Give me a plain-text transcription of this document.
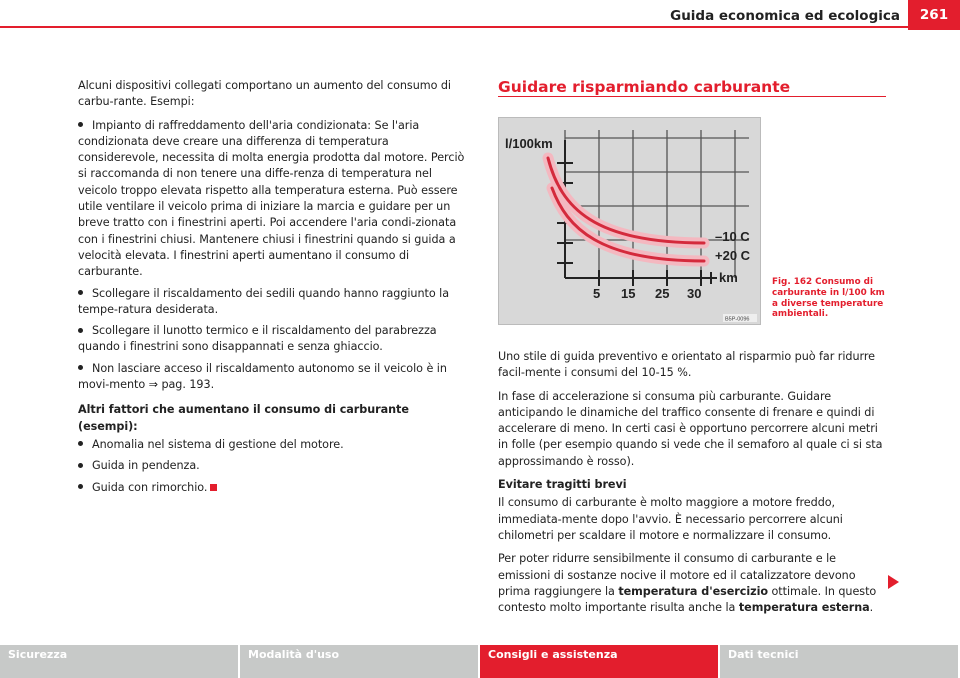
Guida economica ed ecologica	261

Alcuni dispositivi collegati comportano un aumento del consumo di carbu-rante. Esempi:

Impianto di raffreddamento dell'aria condizionata: Se l'aria condizionata deve creare una differenza di temperatura considerevole, necessita di molta energia prodotta dal motore. Perciò si raccomanda di non tenere una diffe-renza di temperatura nel veicolo troppo elevata rispetto alla temperatura esterna. Può essere utile ventilare il veicolo prima di iniziare la marcia e guidare per un breve tratto con i finestrini aperti. Poi accendere l'aria condi-zionata con i finestrini chiusi. Mantenere chiusi i finestrini quando si guida a velocità elevata. I finestrini aperti aumentano il consumo di carburante.

Scollegare il riscaldamento dei sedili quando hanno raggiunto la tempe-ratura desiderata.

Scollegare il lunotto termico e il riscaldamento del parabrezza quando i finestrini sono disappannati e senza ghiaccio.

Non lasciare acceso il riscaldamento autonomo se il veicolo è in movi-mento ⇒ pag. 193.

Altri fattori che aumentano il consumo di carburante (esempi):

Anomalia nel sistema di gestione del motore.

Guida in pendenza.

Guida con rimorchio.

Guidare risparmiando carburante
l/100km
–10 C
+20 C
km
5 15 25 30
B5P-0096
Fig. 162 Consumo di carburante in l/100 km a diverse temperature ambientali.

Uno stile di guida preventivo e orientato al risparmio può far ridurre facil-mente i consumi del 10-15 %.

In fase di accelerazione si consuma più carburante. Guidare anticipando le dinamiche del traffico consente di frenare e quindi di accelerare di meno. In certi casi è opportuno percorrere alcuni metri in folle (per esempio quando si vede che il semaforo al quale ci si sta approssimando è rosso).

Evitare tragitti brevi

Il consumo di carburante è molto maggiore a motore freddo, immediata-mente dopo l'avvio. È necessario percorrere alcuni chilometri per scaldare il motore e normalizzare il consumo.

Per poter ridurre sensibilmente il consumo di carburante e le emissioni di sostanze nocive il motore ed il catalizzatore devono prima raggiungere la temperatura d'esercizio ottimale. In questo contesto molto importante risulta anche la temperatura esterna.

Sicurezza	Modalità d'uso	Consigli e assistenza	Dati tecnici
